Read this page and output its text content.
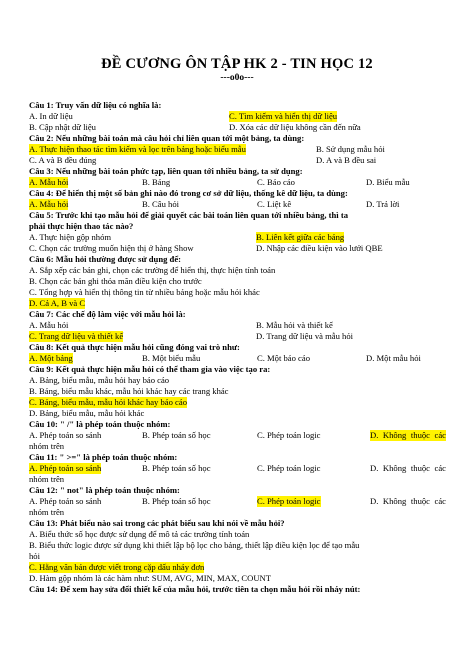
ĐỀ CƯƠNG ÔN TẬP HK 2 - TIN HỌC 12
---o0o---
Câu 1: Truy vấn dữ liệu có nghĩa là:
A. In dữ liệu	C. Tìm kiếm và hiển thị dữ liệu
B. Cập nhật dữ liệu	D. Xóa các dữ liệu không cần đến nữa
Câu 2: Nếu những bài toán mà câu hỏi chỉ liên quan tới một bảng, ta dùng:
A. Thực hiện thao tác tìm kiếm và lọc trên bảng hoặc biểu mẫu	B. Sử dụng mẫu hỏi
C. A và B đều đúng	D. A và B đều sai
Câu 3: Nếu những bài toán phức tạp, liên quan tới nhiều bảng, ta sử dụng:
A. Mẫu hỏi	B. Bảng	C. Báo cáo	D. Biểu mẫu
Câu 4: Để hiển thị một số bản ghi nào đó trong cơ sở dữ liệu, thống kê dữ liệu, ta dùng:
A. Mẫu hỏi	B. Câu hỏi	C. Liệt kê	D. Trả lời
Câu 5: Trước khi tạo mẫu hỏi để giải quyết các bài toán liên quan tới nhiều bảng, thì ta
phải thực hiện thao tác nào?
A. Thực hiện gộp nhóm	B. Liên kết giữa các bảng
C. Chọn các trường muốn hiện thị ở hàng Show	D. Nhập các điều kiện vào lưới QBE
Câu 6: Mẫu hỏi thường được sử dụng để:
A. Sắp xếp các bản ghi, chọn các trường để hiển thị, thực hiện tính toán
B. Chọn các bản ghi thỏa mãn điều kiện cho trước
C. Tổng hợp và hiển thị thông tin từ nhiều bảng hoặc mẫu hỏi khác
D. Cả A, B và C
Câu 7: Các chế độ làm việc với mẫu hỏi là:
A. Mẫu hỏi	B. Mẫu hỏi và thiết kế
C. Trang dữ liệu và thiết kế	D. Trang dữ liệu và mẫu hỏi
Câu 8: Kết quả thực hiện mẫu hỏi cũng đóng vai trò như:
A. Một bảng	B. Một biểu mẫu	C. Một báo cáo	D. Một mẫu hỏi
Câu 9: Kết quả thực hiện mẫu hỏi có thể tham gia vào việc tạo ra:
A. Bảng, biểu mẫu, mẫu hỏi hay báo cáo
B. Bảng, biểu mẫu khác, mẫu hỏi khác hay các trang khác
C. Bảng, biểu mẫu, mẫu hỏi khác hay báo cáo
D. Bảng, biểu mẫu, mẫu hỏi khác
Câu 10: " /" là phép toán thuộc nhóm:
A. Phép toán so sánh	B. Phép toán số học	C. Phép toán logic	D. Không thuộc các
nhóm trên
Câu 11: " >=" là phép toán thuộc nhóm:
A. Phép toán so sánh	B. Phép toán số học	C. Phép toán logic	D. Không thuộc các
nhóm trên
Câu 12: " not" là phép toán thuộc nhóm:
A. Phép toán so sánh	B. Phép toán số học	C. Phép toán logic	D. Không thuộc các
nhóm trên
Câu 13: Phát biểu nào sai trong các phát biểu sau khi nói về mẫu hỏi?
A. Biểu thức số học được sử dụng để mô tả các trường tính toán
B. Biểu thức logic được sử dụng khi thiết lập bộ lọc cho bảng, thiết lập điều kiện lọc để tạo mẫu
hỏi
C. Hằng văn bản được viết trong cặp dấu nháy đơn
D. Hàm gộp nhóm là các hàm như: SUM, AVG, MIN, MAX, COUNT
Câu 14: Để xem hay sửa đổi thiết kế của mẫu hỏi, trước tiên ta chọn mẫu hỏi rồi nháy nút:
